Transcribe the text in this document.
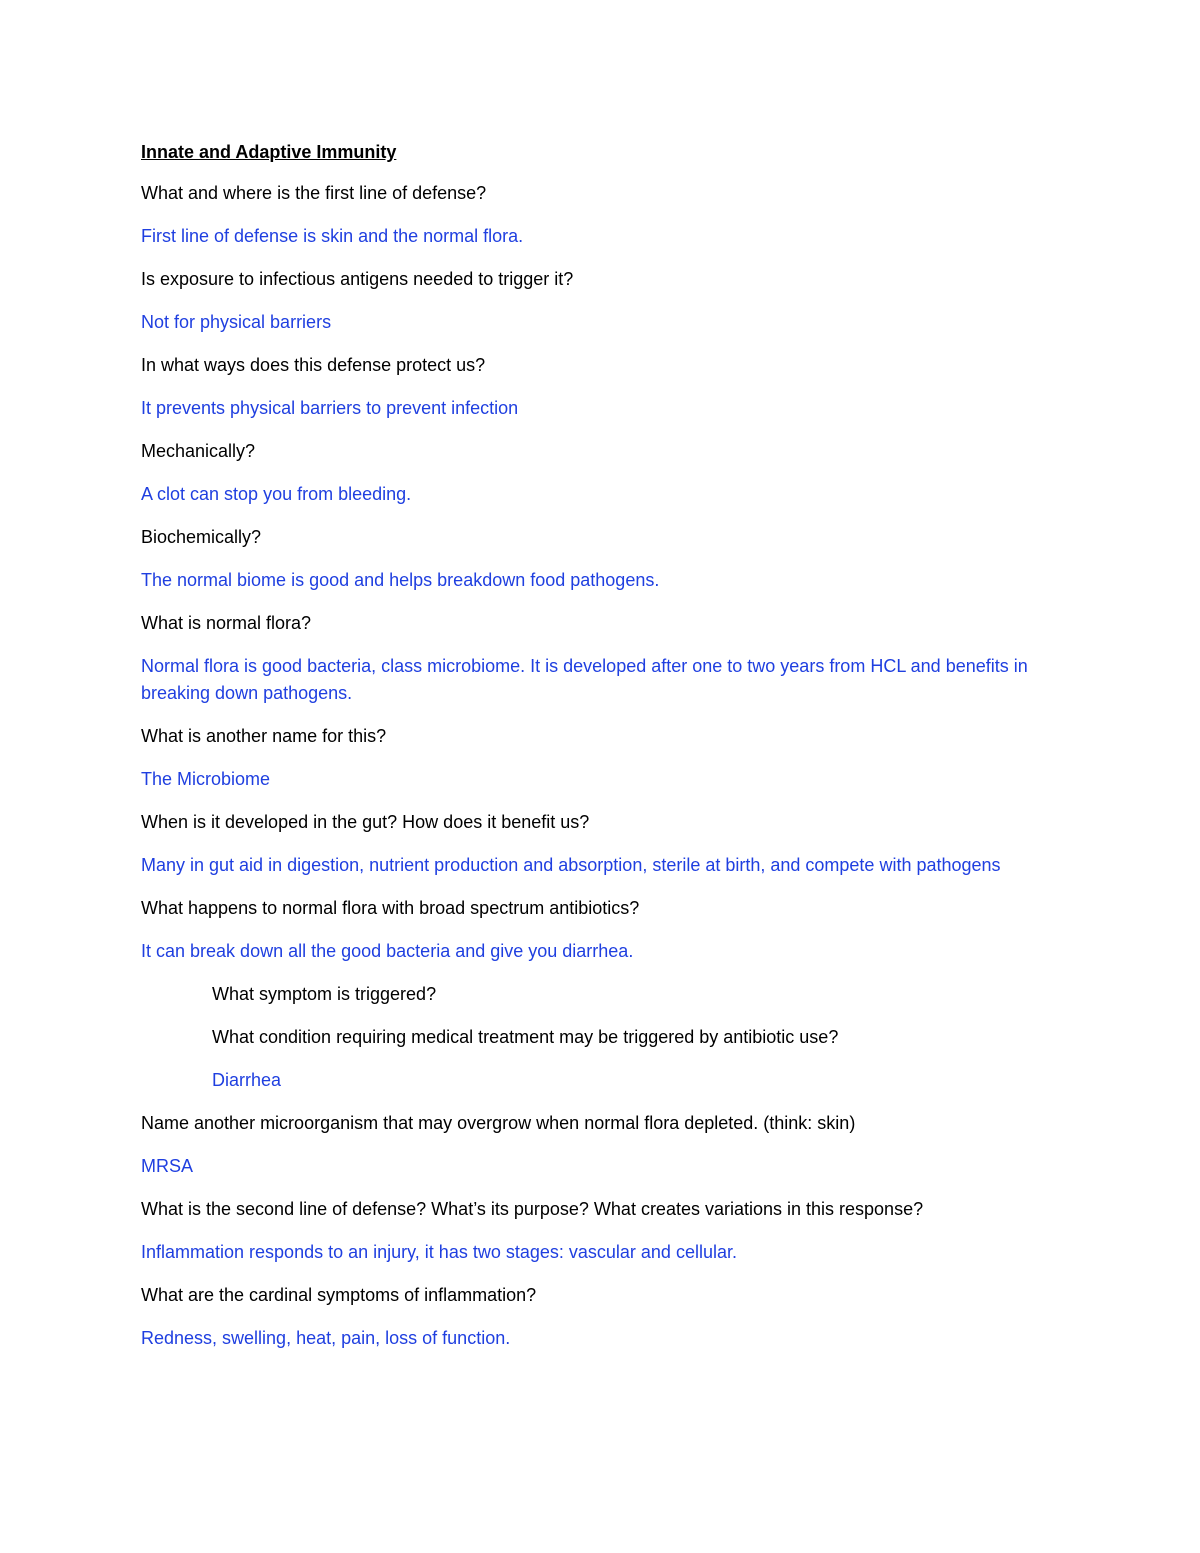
Innate and Adaptive Immunity

What and where is the first line of defense?

First line of defense is skin and the normal flora.

Is exposure to infectious antigens needed to trigger it?

Not for physical barriers

In what ways does this defense protect us?

It prevents physical barriers to prevent infection

Mechanically?

A clot can stop you from bleeding.

Biochemically?

The normal biome is good and helps breakdown food pathogens.

What is normal flora?

Normal flora is good bacteria, class microbiome. It is developed after one to two years from HCL and benefits in breaking down pathogens.

What is another name for this?

The Microbiome

When is it developed in the gut? How does it benefit us?

Many in gut aid in digestion, nutrient production and absorption, sterile at birth, and compete with pathogens

What happens to normal flora with broad spectrum antibiotics?

It can break down all the good bacteria and give you diarrhea.

What symptom is triggered?

What condition requiring medical treatment may be triggered by antibiotic use?

Diarrhea

Name another microorganism that may overgrow when normal flora depleted. (think: skin)

MRSA

What is the second line of defense? What’s its purpose? What creates variations in this response?

Inflammation responds to an injury, it has two stages: vascular and cellular.

What are the cardinal symptoms of inflammation?

Redness, swelling, heat, pain, loss of function.
